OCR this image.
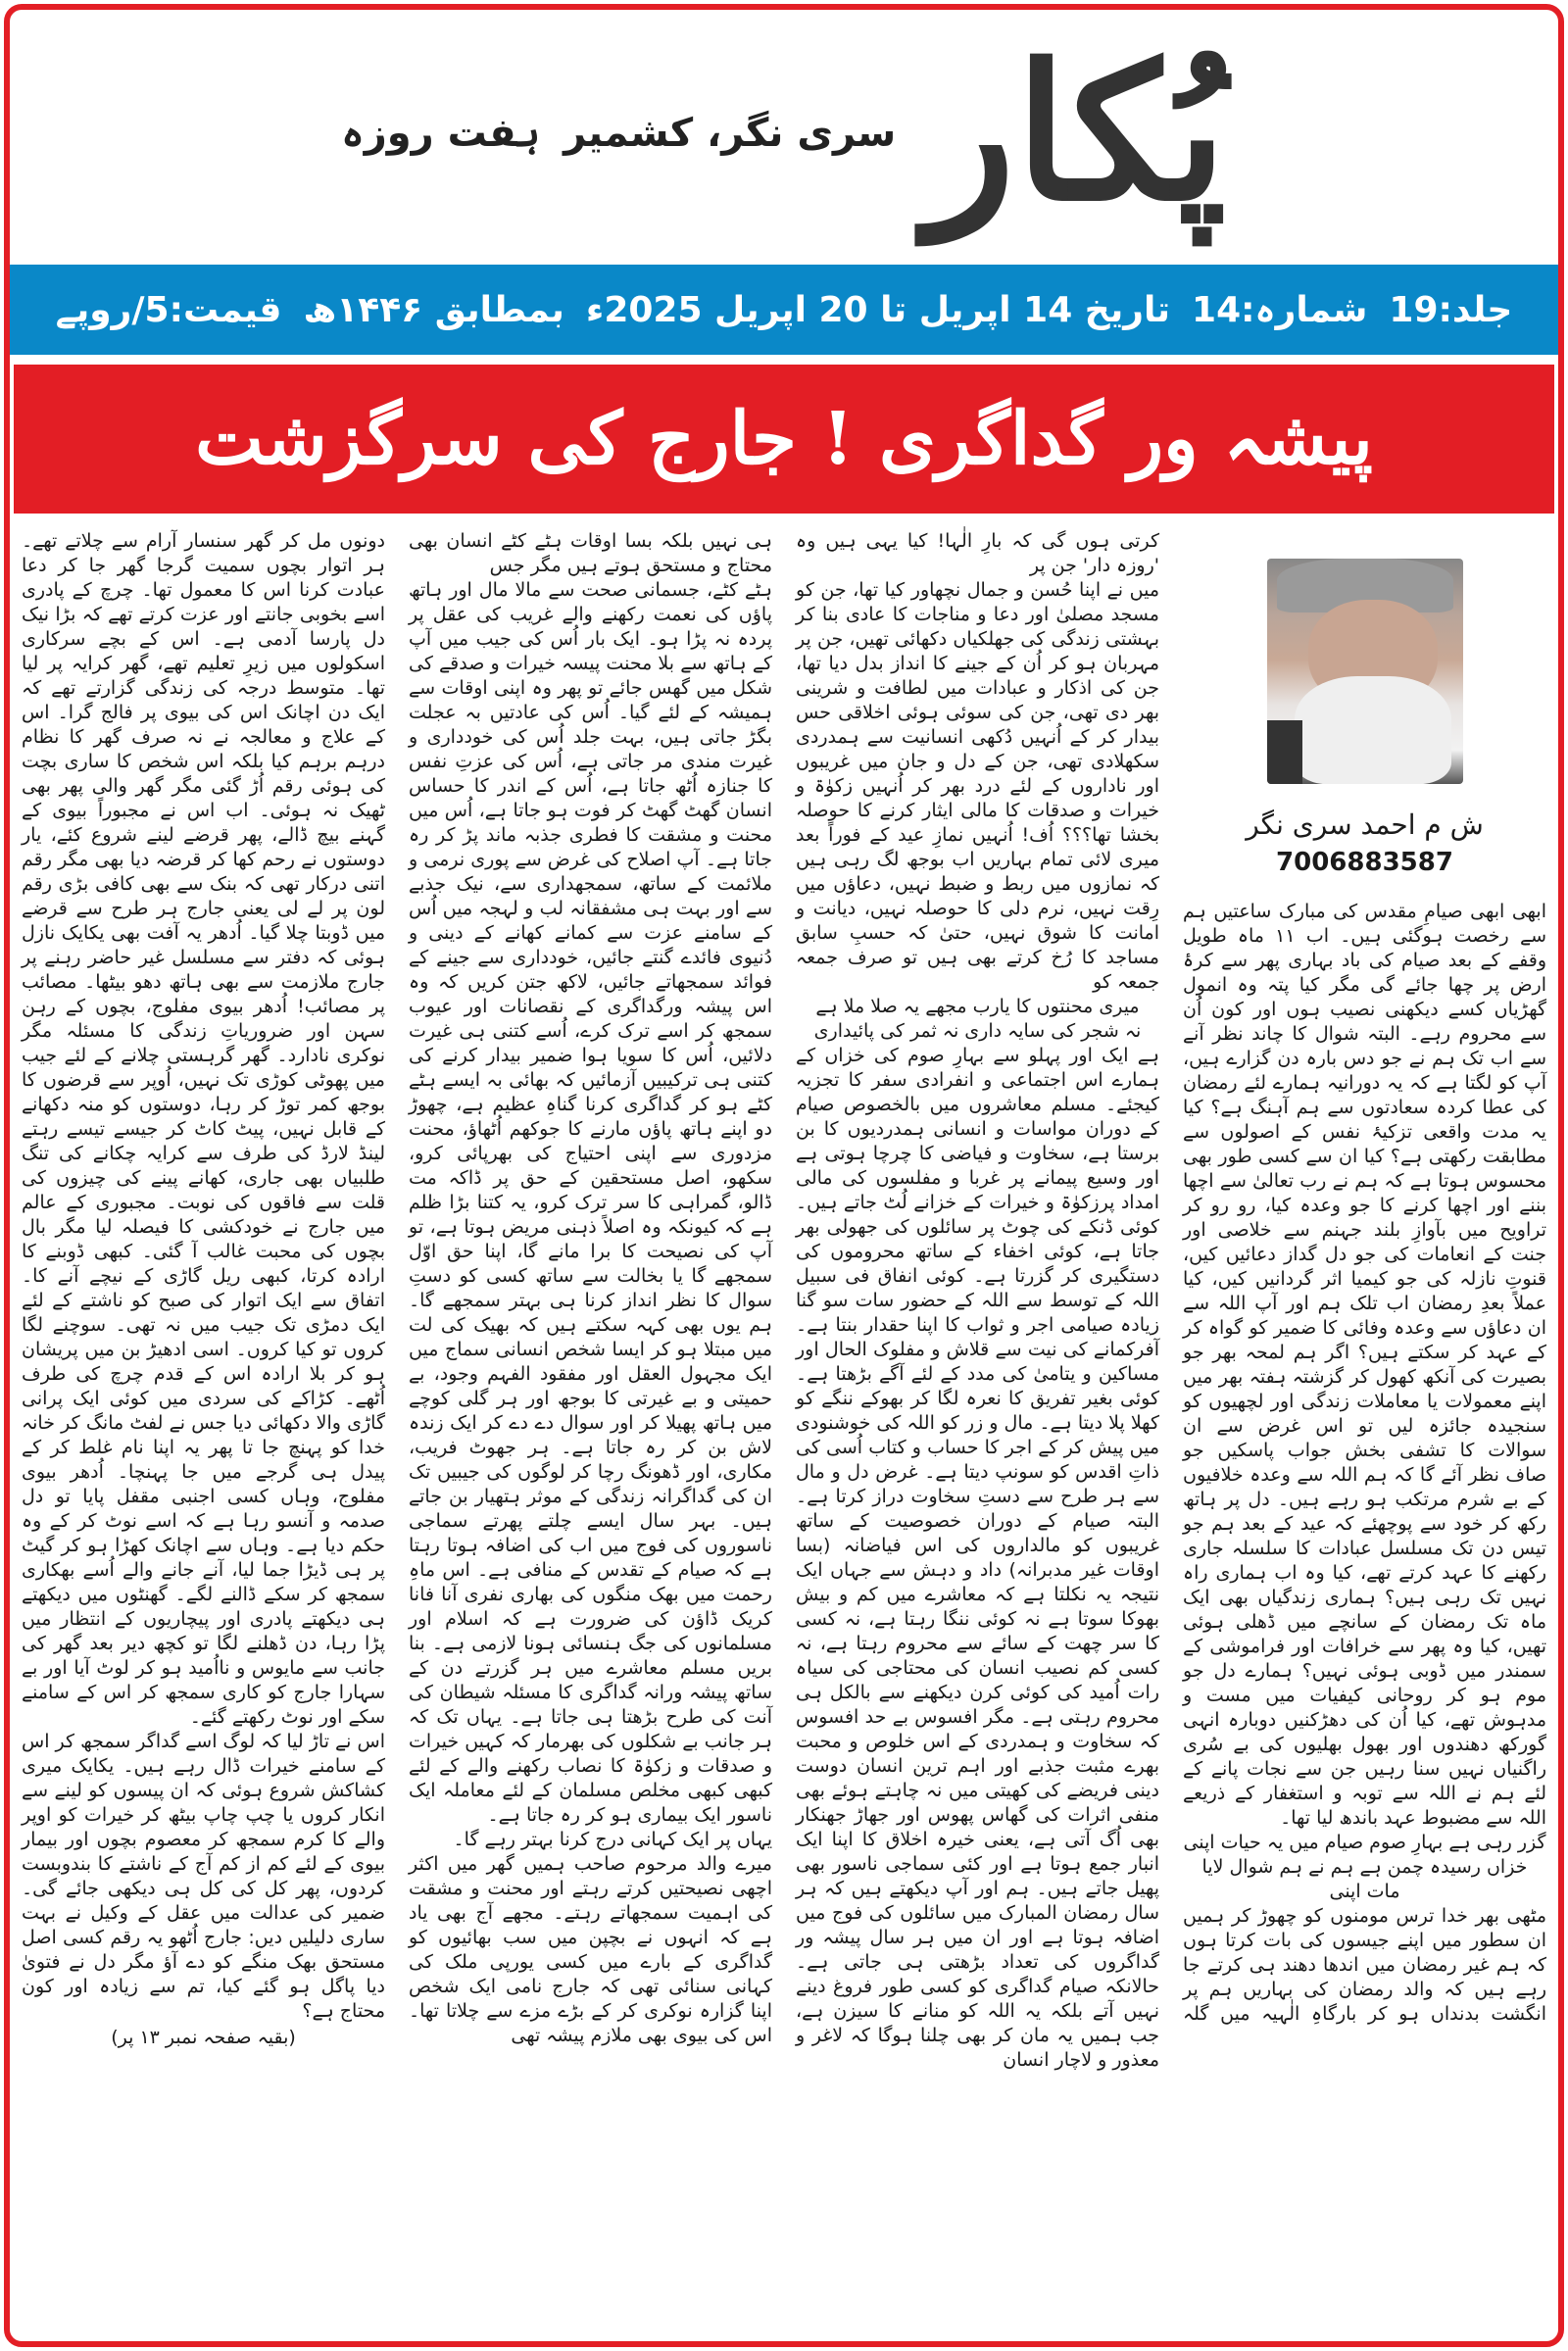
پُکار
ہفت روزہ سری نگر، کشمیر
جلد:19
شمارہ:14
تاریخ 14 اپریل تا 20 اپریل 2025ء
بمطابق ۱۴۴۶ھ
قیمت:5/روپے
پیشہ ور گداگری ! جارج کی سرگزشت
ش م احمد سری نگر
7006883587

ابھی ابھی صیامِ مقدس کی مبارک ساعتیں ہم سے رخصت ہوگئی ہیں۔ اب ۱۱ ماہ طویل وقفے کے بعد صیام کی باد بہاری پھر سے کرۂ ارض پر چھا جائے گی مگر کیا پتہ وہ انمول گھڑیاں کسے دیکھنی نصیب ہوں اور کون اُن سے محروم رہے۔ البتہ شوال کا چاند نظر آنے سے اب تک ہم نے جو دس بارہ دن گزارے ہیں، آپ کو لگتا ہے کہ یہ دورانیہ ہمارے لئے رمضان کی عطا کردہ سعادتوں سے ہم آہنگ ہے؟ کیا یہ مدت واقعی تزکیۂ نفس کے اصولوں سے مطابقت رکھتی ہے؟ کیا ان سے کسی طور بھی محسوس ہوتا ہے کہ ہم نے رب تعالیٰ سے اچھا بننے اور اچھا کرنے کا جو وعدہ کیا، رو رو کر تراویح میں بآوازِ بلند جہنم سے خلاصی اور جنت کے انعامات کی جو دل گداز دعائیں کیں، قنوتِ نازلہ کی جو کیمیا اثر گردانیں کیں، کیا عملاً بعدِ رمضان اب تلک ہم اور آپ اللہ سے ان دعاؤں سے وعدہ وفائی کا ضمیر کو گواہ کر کے عہد کر سکتے ہیں؟ اگر ہم لمحہ بھر جو بصیرت کی آنکھ کھول کر گزشتہ ہفتہ بھر میں اپنے معمولات یا معاملات زندگی اور لچھیوں کو سنجیدہ جائزہ لیں تو اس غرض سے ان سوالات کا تشفی بخش جواب پاسکیں جو صاف نظر آئے گا کہ ہم اللہ سے وعدہ خلافیوں کے بے شرم مرتکب ہو رہے ہیں۔ دل پر ہاتھ رکھ کر خود سے پوچھئے کہ عید کے بعد ہم جو تیس دن تک مسلسل عبادات کا سلسلہ جاری رکھنے کا عہد کرتے تھے، کیا وہ اب ہماری راہ نہیں تک رہی ہیں؟ ہماری زندگیاں بھی ایک ماہ تک رمضان کے سانچے میں ڈھلی ہوئی تھیں، کیا وہ پھر سے خرافات اور فراموشی کے سمندر میں ڈوبی ہوئی نہیں؟ ہمارے دل جو موم ہو کر روحانی کیفیات میں مست و مدہوش تھے، کیا اُن کی دھڑکنیں دوبارہ انہی گورکھ دھندوں اور بھول بھلیوں کی بے سُری راگنیاں نہیں سنا رہیں جن سے نجات پانے کے لئے ہم نے اللہ سے توبہ و استغفار کے ذریعے اللہ سے مضبوط عہد باندھ لیا تھا۔

گزر رہی ہے بہارِ صوم صیام میں یہ حیات اپنی

خزاں رسیدہ چمن ہے ہم نے ہم شوال لایا مات اپنی

مٹھی بھر خدا ترس مومنوں کو چھوڑ کر ہمیں ان سطور میں اپنے جیسوں کی بات کرتا ہوں کہ ہم غیر رمضان میں اندھا دھند ہی کرتے جا رہے ہیں کہ والد رمضان کی بہاریں ہم پر انگشت بدنداں ہو کر بارگاہِ الٰہیہ میں گلہ کرتی ہوں گی کہ بارِ الٰہا! کیا یہی ہیں وہ 'روزہ دار' جن پر

میں نے اپنا حُسن و جمال نچھاور کیا تھا، جن کو مسجد مصلیٰ اور دعا و مناجات کا عادی بنا کر بہشتی زندگی کی جھلکیاں دکھائی تھیں، جن پر مہربان ہو کر اُن کے جینے کا انداز بدل دیا تھا، جن کی اذکار و عبادات میں لطافت و شرینی بھر دی تھی، جن کی سوئی ہوئی اخلاقی حس بیدار کر کے اُنہیں دُکھی انسانیت سے ہمدردی سکھلادی تھی، جن کے دل و جان میں غریبوں اور ناداروں کے لئے درد بھر کر اُنہیں زکوٰۃ و خیرات و صدقات کا مالی ایثار کرنے کا حوصلہ بخشا تھا؟؟؟ اُف! اُنہیں نمازِ عید کے فوراً بعد میری لائی تمام بہاریں اب بوجھ لگ رہی ہیں کہ نمازوں میں ربط و ضبط نہیں، دعاؤں میں رِقت نہیں، نرم دلی کا حوصلہ نہیں، دیانت و امانت کا شوق نہیں، حتیٰ کہ حسبِ سابق مساجد کا رُخ کرتے بھی ہیں تو صرف جمعہ جمعہ کو

میری محنتوں کا یارب مجھے یہ صلا ملا ہے

نہ شجر کی سایہ داری نہ ثمر کی پائیداری

ہے ایک اور پہلو سے بہارِ صوم کی خزاں کے ہمارے اس اجتماعی و انفرادی سفر کا تجزیہ کیجئے۔ مسلم معاشروں میں بالخصوص صیام کے دوران مواسات و انسانی ہمدردیوں کا بن برستا ہے، سخاوت و فیاضی کا چرچا ہوتی ہے اور وسیع پیمانے پر غربا و مفلسوں کی مالی امداد پرزکوٰۃ و خیرات کے خزانے لُٹ جاتے ہیں۔ کوئی ڈنکے کی چوٹ پر سائلوں کی جھولی بھر جاتا ہے، کوئی اخفاء کے ساتھ محروموں کی دستگیری کر گزرتا ہے۔ کوئی انفاق فی سبیل اللہ کے توسط سے اللہ کے حضور سات سو گنا زیادہ صیامی اجر و ثواب کا اپنا حقدار بنتا ہے۔ آفرکمانے کی نیت سے قلاش و مفلوک الحال اور مساکین و یتامیٰ کی مدد کے لئے آگے بڑھتا ہے۔ کوئی بغیر تفریق کا نعرہ لگا کر بھوکے ننگے کو کھلا پلا دیتا ہے۔ مال و زر کو اللہ کی خوشنودی میں پیش کر کے اجر کا حساب و کتاب اُسی کی ذاتِ اقدس کو سونپ دیتا ہے۔ غرض دل و مال سے ہر طرح سے دستِ سخاوت دراز کرتا ہے۔ البتہ صیام کے دوران خصوصیت کے ساتھ غریبوں کو مالداروں کی اس فیاضانہ (بسا اوقات غیر مدبرانہ) داد و دہش سے جہاں ایک نتیجہ یہ نکلتا ہے کہ معاشرے میں کم و بیش بھوکا سوتا ہے نہ کوئی ننگا رہتا ہے، نہ کسی کا سر چھت کے سائے سے محروم رہتا ہے، نہ کسی کم نصیب انسان کی محتاجی کی سیاہ رات اُمید کی کوئی کرن دیکھنے سے بالکل ہی محروم رہتی ہے۔ مگر افسوس بے حد افسوس کہ سخاوت و ہمدردی کے اس خلوص و محبت بھرے مثبت جذبے اور اہم ترین انسان دوست دینی فریضے کی کھیتی میں نہ چاہتے ہوئے بھی منفی اثرات کی گھاس پھوس اور جھاڑ جھنکار بھی اُگ آتی ہے، یعنی خیرہ اخلاق کا اپنا ایک انبار جمع ہوتا ہے اور کئی سماجی ناسور بھی پھیل جاتے ہیں۔ ہم اور آپ دیکھتے ہیں کہ ہر سال رمضان المبارک میں سائلوں کی فوج میں اضافہ ہوتا ہے اور ان میں ہر سال پیشہ ور گداگروں کی تعداد بڑھتی ہی جاتی ہے۔ حالانکہ صیام گداگری کو کسی طور فروغ دینے نہیں آتے بلکہ یہ اللہ کو منانے کا سیزن ہے، جب ہمیں یہ مان کر بھی چلنا ہوگا کہ لاغر و معذور و لاچار انسان

ہی نہیں بلکہ بسا اوقات ہٹے کٹے انسان بھی محتاج و مستحق ہوتے ہیں مگر جس

ہٹے کٹے، جسمانی صحت سے مالا مال اور ہاتھ پاؤں کی نعمت رکھنے والے غریب کی عقل پر پردہ نہ پڑا ہو۔ ایک بار اُس کی جیب میں آپ کے ہاتھ سے بلا محنت پیسہ خیرات و صدقے کی شکل میں گھس جائے تو پھر وہ اپنی اوقات سے ہمیشہ کے لئے گیا۔ اُس کی عادتیں بہ عجلت بگڑ جاتی ہیں، بہت جلد اُس کی خودداری و غیرت مندی مر جاتی ہے، اُس کی عزتِ نفس کا جنازہ اُٹھ جاتا ہے، اُس کے اندر کا حساس انسان گھٹ گھٹ کر فوت ہو جاتا ہے، اُس میں محنت و مشقت کا فطری جذبہ ماند پڑ کر رہ جاتا ہے۔ آپ اصلاح کی غرض سے پوری نرمی و ملائمت کے ساتھ، سمجھداری سے، نیک جذبے سے اور بہت ہی مشفقانہ لب و لہجہ میں اُس کے سامنے عزت سے کمانے کھانے کے دینی و دُنیوی فائدے گنتے جائیں، خودداری سے جینے کے فوائد سمجھاتے جائیں، لاکھ جتن کریں کہ وہ اس پیشہ ورگداگری کے نقصانات اور عیوب سمجھ کر اسے ترک کرے، اُسے کتنی ہی غیرت دلائیں، اُس کا سویا ہوا ضمیر بیدار کرنے کی کتنی ہی ترکیبیں آزمائیں کہ بھائی بہ ایسے ہٹے کٹے ہو کر گداگری کرنا گناہِ عظیم ہے، چھوڑ دو اپنے ہاتھ پاؤں مارنے کا جوکھم اُٹھاؤ، محنت مزدوری سے اپنی احتیاج کی بھرپائی کرو، سکھو، اصل مستحقین کے حق پر ڈاکہ مت ڈالو، گمراہی کا سر ترک کرو، یہ کتنا بڑا ظلم ہے کہ کیونکہ وہ اصلاً ذہنی مریض ہوتا ہے، تو آپ کی نصیحت کا برا مانے گا، اپنا حق اوّل سمجھے گا یا بخالت سے ساتھ کسی کو دستِ سوال کا نظر انداز کرنا ہی بہتر سمجھے گا۔ ہم یوں بھی کہہ سکتے ہیں کہ بھیک کی لت میں مبتلا ہو کر ایسا شخص انسانی سماج میں ایک مجہول العقل اور مفقود الفہم وجود، بے حمیتی و بے غیرتی کا بوجھ اور ہر گلی کوچے میں ہاتھ پھیلا کر اور سوال دے دے کر ایک زندہ لاش بن کر رہ جاتا ہے۔ ہر جھوٹ فریب، مکاری، اور ڈھونگ رچا کر لوگوں کی جیبیں تک ان کی گداگرانہ زندگی کے موثر ہتھیار بن جاتے ہیں۔ بہر سال ایسے چلتے پھرتے سماجی ناسوروں کی فوج میں اب کی اضافہ ہوتا رہتا ہے کہ صیام کے تقدس کے منافی ہے۔ اس ماہِ رحمت میں بھک منگوں کی بھاری نفری آنا فانا کریک ڈاؤن کی ضرورت ہے کہ اسلام اور مسلمانوں کی جگ ہنسائی ہونا لازمی ہے۔ بنا بریں مسلم معاشرے میں ہر گزرتے دن کے ساتھ پیشہ ورانہ گداگری کا مسئلہ شیطان کی آنت کی طرح بڑھتا ہی جاتا ہے۔ یہاں تک کہ ہر جانب بے شکلوں کی بھرمار کہ کہیں خیرات و صدقات و زکوٰۃ کا نصاب رکھنے والے کے لئے کبھی کبھی مخلص مسلمان کے لئے معاملہ ایک ناسور ایک بیماری ہو کر رہ جاتا ہے۔

یہاں پر ایک کہانی درج کرنا بہتر رہے گا۔

میرے والد مرحوم صاحب ہمیں گھر میں اکثر اچھی نصیحتیں کرتے رہتے اور محنت و مشقت کی اہمیت سمجھاتے رہتے۔ مجھے آج بھی یاد ہے کہ انہوں نے بچپن میں سب بھائیوں کو گداگری کے بارے میں کسی یورپی ملک کی کہانی سنائی تھی کہ جارج نامی ایک شخص اپنا گزارہ نوکری کر کے بڑے مزے سے چلاتا تھا۔ اس کی بیوی بھی ملازم پیشہ تھی

دونوں مل کر گھر سنسار آرام سے چلاتے تھے۔ ہر اتوار بچوں سمیت گرجا گھر جا کر دعا عبادت کرنا اس کا معمول تھا۔ چرچ کے پادری اسے بخوبی جانتے اور عزت کرتے تھے کہ بڑا نیک دل پارسا آدمی ہے۔ اس کے بچے سرکاری اسکولوں میں زیرِ تعلیم تھے، گھر کرایہ پر لیا تھا۔ متوسط درجہ کی زندگی گزارتے تھے کہ ایک دن اچانک اس کی بیوی پر فالج گرا۔ اس کے علاج و معالجہ نے نہ صرف گھر کا نظام درہم برہم کیا بلکہ اس شخص کا ساری بچت کی ہوئی رقم اُڑ گئی مگر گھر والی پھر بھی ٹھیک نہ ہوئی۔ اب اس نے مجبوراً بیوی کے گہنے بیچ ڈالے، پھر قرضے لینے شروع کئے، یار دوستوں نے رحم کھا کر قرضہ دیا بھی مگر رقم اتنی درکار تھی کہ بنک سے بھی کافی بڑی رقم لون پر لے لی یعنی جارج ہر طرح سے قرضے میں ڈوبتا چلا گیا۔ اُدھر یہ آفت بھی یکایک نازل ہوئی کہ دفتر سے مسلسل غیر حاضر رہنے پر جارج ملازمت سے بھی ہاتھ دھو بیٹھا۔ مصائب پر مصائب! اُدھر بیوی مفلوج، بچوں کے رہن سہن اور ضروریاتِ زندگی کا مسئلہ مگر نوکری نادارد۔ گھر گرہستی چلانے کے لئے جیب میں پھوٹی کوڑی تک نہیں، اُوپر سے قرضوں کا بوجھ کمر توڑ کر رہا، دوستوں کو منہ دکھانے کے قابل نہیں، پیٹ کاٹ کر جیسے تیسے رہتے لینڈ لارڈ کی طرف سے کرایہ چکانے کی تنگ طلبیاں بھی جاری، کھانے پینے کی چیزوں کی قلت سے فاقوں کی نوبت۔ مجبوری کے عالم میں جارج نے خودکشی کا فیصلہ لیا مگر بال بچوں کی محبت غالب آ گئی۔ کبھی ڈوبنے کا ارادہ کرتا، کبھی ریل گاڑی کے نیچے آنے کا۔ اتفاق سے ایک اتوار کی صبح کو ناشتے کے لئے ایک دمڑی تک جیب میں نہ تھی۔ سوچنے لگا کروں تو کیا کروں۔ اسی ادھیڑ بن میں پریشان ہو کر بلا ارادہ اس کے قدم چرچ کی طرف اُٹھے۔ کڑاکے کی سردی میں کوئی ایک پرانی گاڑی والا دکھائی دیا جس نے لفٹ مانگ کر خانہ خدا کو پہنچ جا تا پھر یہ اپنا نام غلط کر کے پیدل ہی گرجے میں جا پہنچا۔ اُدھر بیوی مفلوج، وہاں کسی اجنبی مقفل پایا تو دل صدمہ و آنسو رہا ہے کہ اسے نوٹ کر کے وہ حکم دیا ہے۔ وہاں سے اچانک کھڑا ہو کر گیٹ پر ہی ڈیڑا جما لیا، آنے جانے والے اُسے بھکاری سمجھ کر سکے ڈالنے لگے۔ گھنٹوں میں دیکھتے ہی دیکھتے پادری اور پیچاریوں کے انتظار میں پڑا رہا، دن ڈھلنے لگا تو کچھ دیر بعد گھر کی جانب سے مایوس و نااُمید ہو کر لوٹ آیا اور بے سہارا جارج کو کاری سمجھ کر اس کے سامنے سکے اور نوٹ رکھتے گئے۔

اس نے تاڑ لیا کہ لوگ اسے گداگر سمجھ کر اس کے سامنے خیرات ڈال رہے ہیں۔ یکایک میری کشاکش شروع ہوئی کہ ان پیسوں کو لینے سے انکار کروں یا چپ چاپ بیٹھ کر خیرات کو اوپر والے کا کرم سمجھ کر معصوم بچوں اور بیمار بیوی کے لئے کم از کم آج کے ناشتے کا بندوبست کردوں، پھر کل کی کل ہی دیکھی جائے گی۔ ضمیر کی عدالت میں عقل کے وکیل نے بہت ساری دلیلیں دیں: جارج اُٹھو یہ رقم کسی اصل مستحق بھک منگے کو دے آؤ مگر دل نے فتویٰ دیا پاگل ہو گئے کیا، تم سے زیادہ اور کون محتاج ہے؟

(بقیہ صفحہ نمبر ۱۳ پر)
